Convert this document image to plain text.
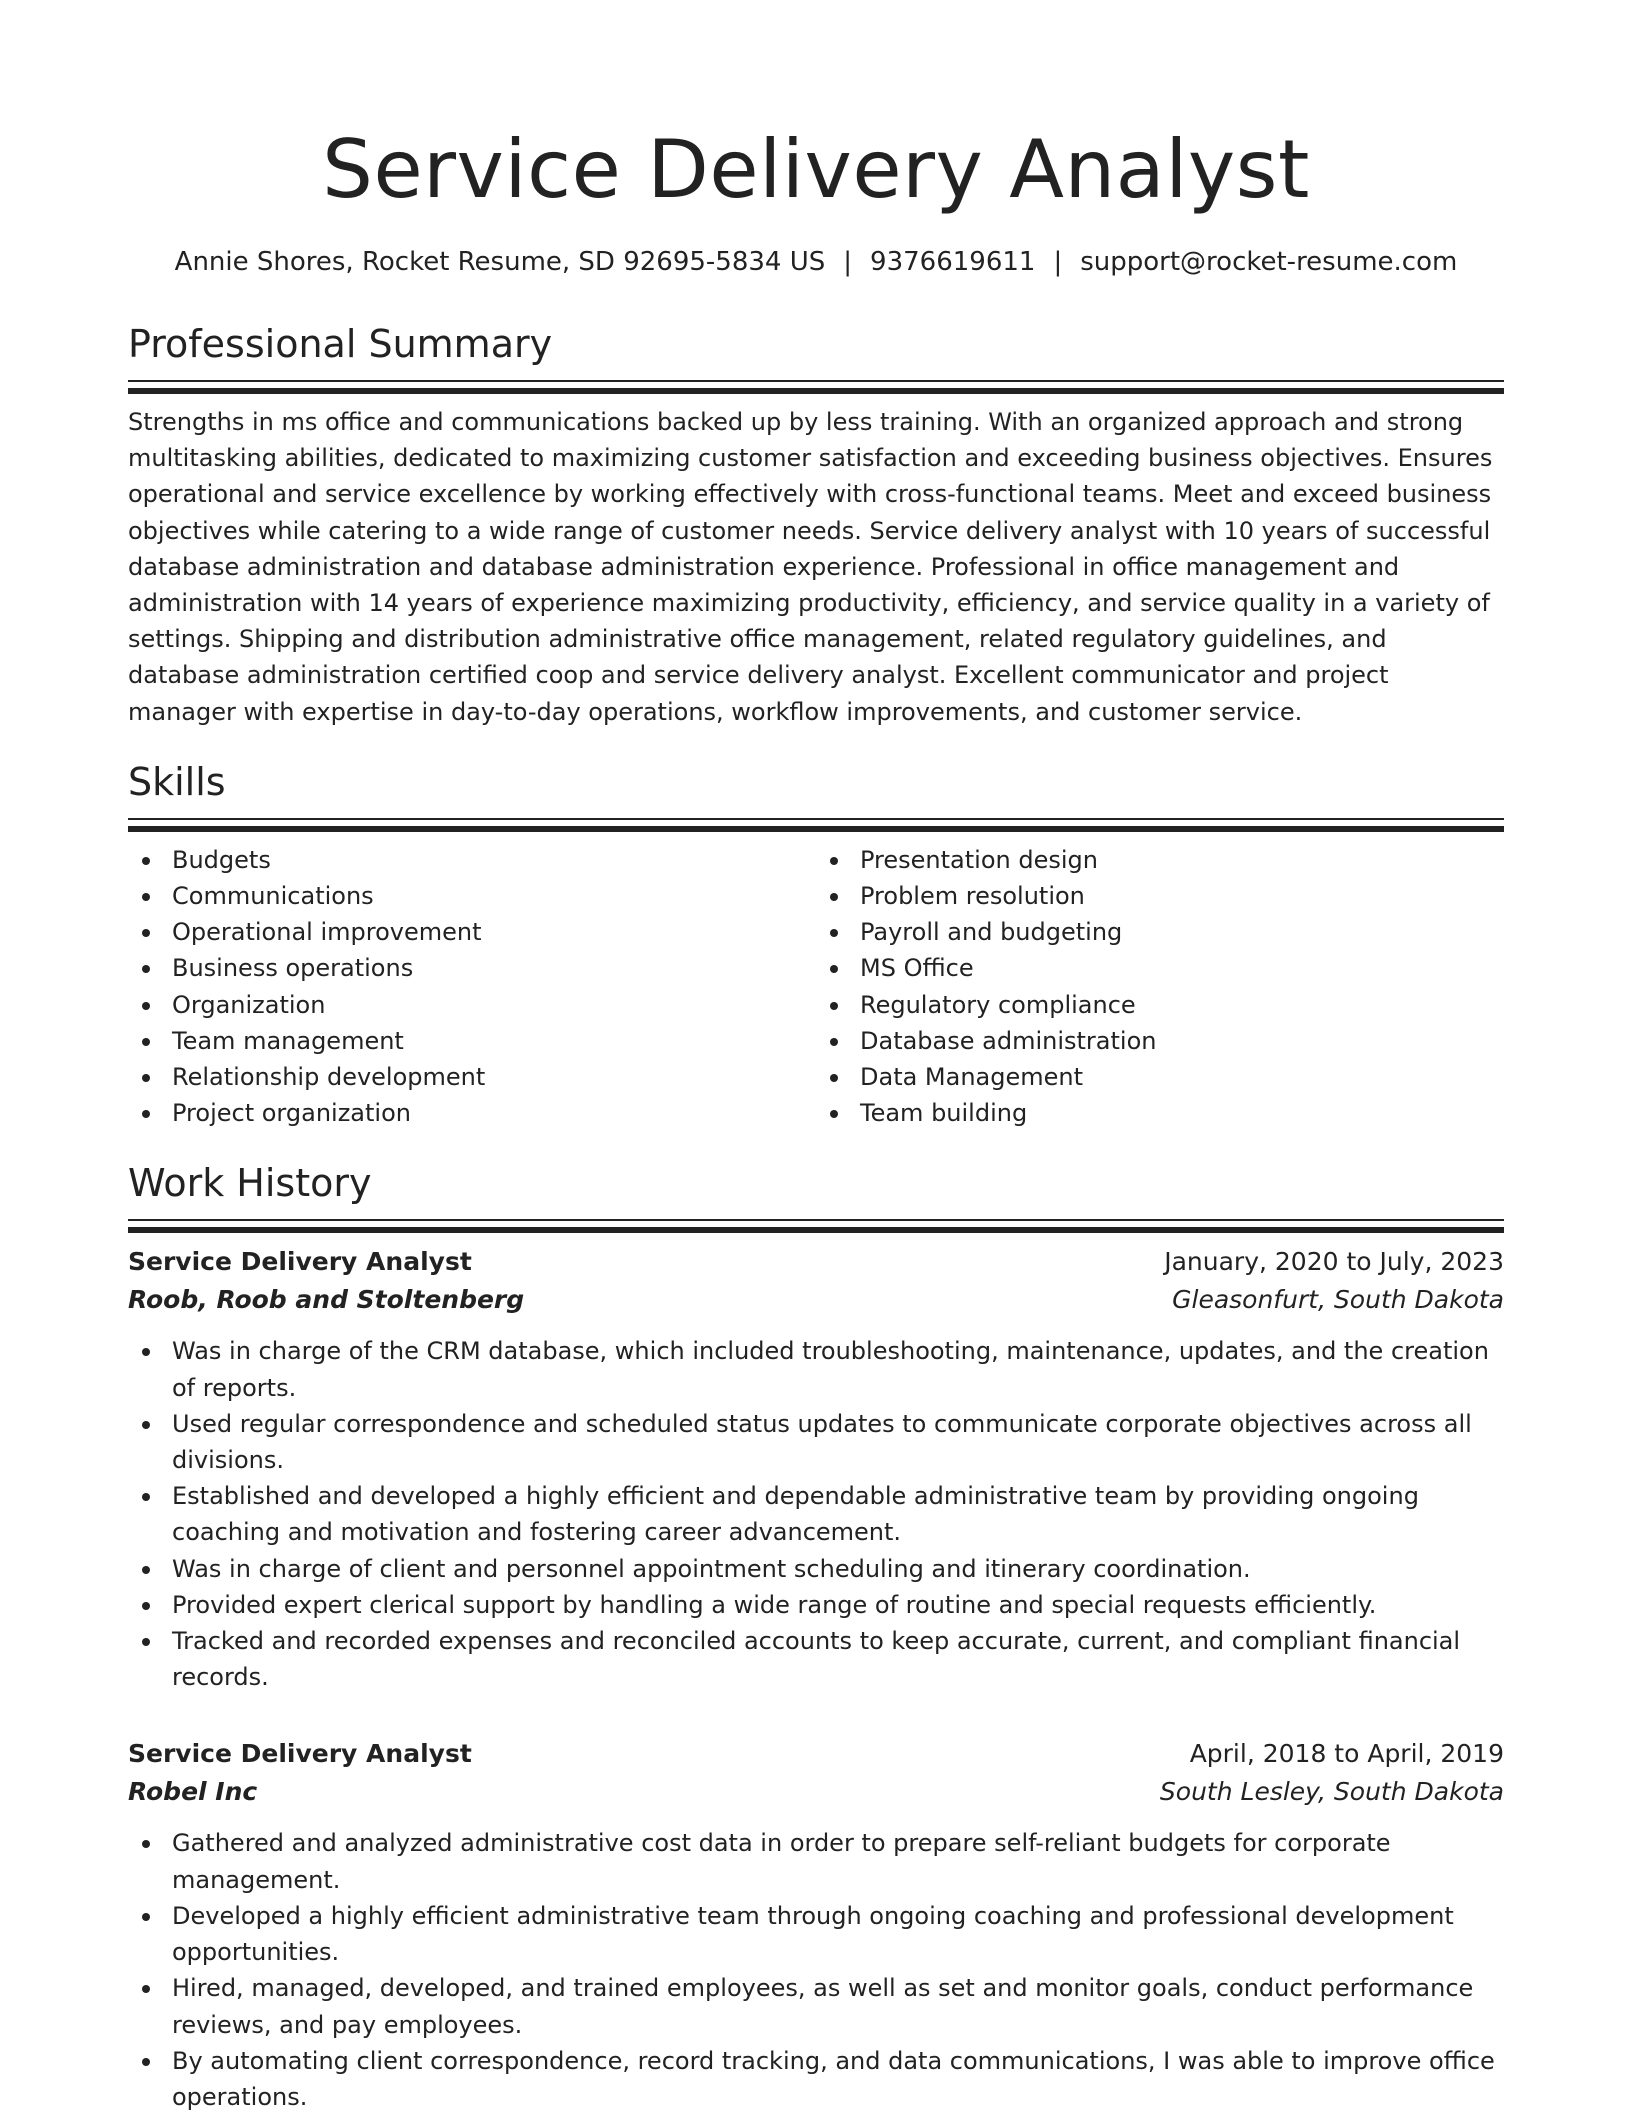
Service Delivery Analyst
Annie Shores, Rocket Resume, SD 92695-5834 US | 9376619611 | support@rocket-resume.com
Professional Summary

Strengths in ms office and communications backed up by less training. With an organized approach and strong multitasking abilities, dedicated to maximizing customer satisfaction and exceeding business objectives. Ensures operational and service excellence by working effectively with cross-functional teams. Meet and exceed business objectives while catering to a wide range of customer needs. Service delivery analyst with 10 years of successful database administration and database administration experience. Professional in office management and administration with 14 years of experience maximizing productivity, efficiency, and service quality in a variety of settings. Shipping and distribution administrative office management, related regulatory guidelines, and database administration certified coop and service delivery analyst. Excellent communicator and project manager with expertise in day-to-day operations, workflow improvements, and customer service.

Skills
Budgets
Communications
Operational improvement
Business operations
Organization
Team management
Relationship development
Project organization
Presentation design
Problem resolution
Payroll and budgeting
MS Office
Regulatory compliance
Database administration
Data Management
Team building
Work History
Service Delivery Analyst	January, 2020 to July, 2023
Roob, Roob and Stoltenberg	Gleasonfurt, South Dakota
Was in charge of the CRM database, which included troubleshooting, maintenance, updates, and the creation of reports.
Used regular correspondence and scheduled status updates to communicate corporate objectives across all divisions.
Established and developed a highly efficient and dependable administrative team by providing ongoing coaching and motivation and fostering career advancement.
Was in charge of client and personnel appointment scheduling and itinerary coordination.
Provided expert clerical support by handling a wide range of routine and special requests efficiently.
Tracked and recorded expenses and reconciled accounts to keep accurate, current, and compliant financial records.
Service Delivery Analyst	April, 2018 to April, 2019
Robel Inc	South Lesley, South Dakota
Gathered and analyzed administrative cost data in order to prepare self-reliant budgets for corporate management.
Developed a highly efficient administrative team through ongoing coaching and professional development opportunities.
Hired, managed, developed, and trained employees, as well as set and monitor goals, conduct performance reviews, and pay employees.
By automating client correspondence, record tracking, and data communications, I was able to improve office operations.
